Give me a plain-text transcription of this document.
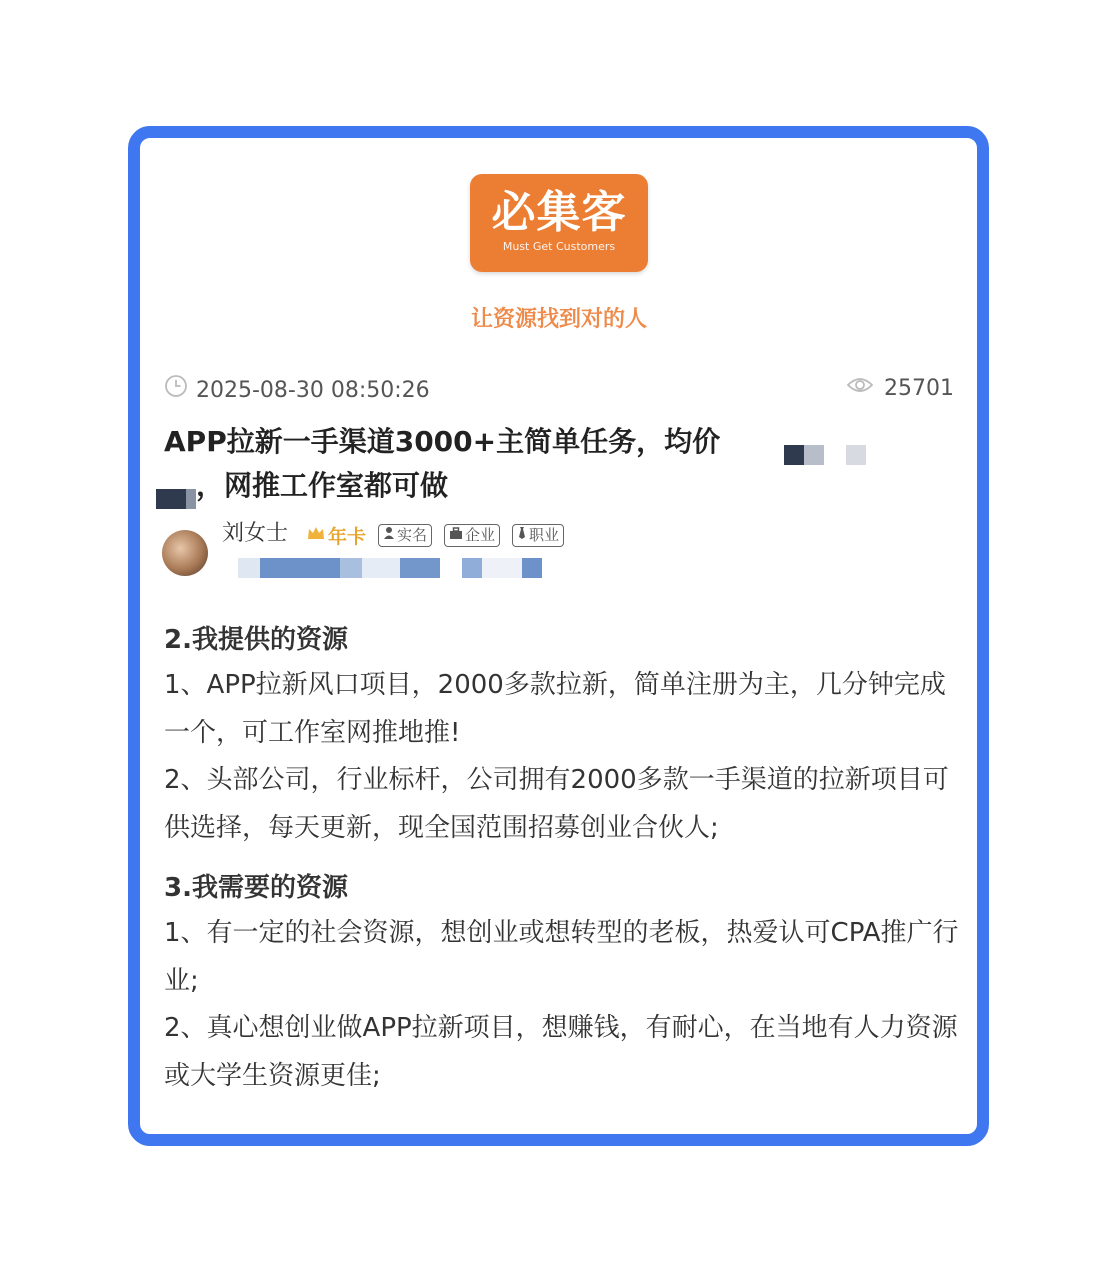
必集客
Must Get Customers
让资源找到对的人
2025-08-30 08:50:26	25701
APP拉新一手渠道3000+主简单任务，均价
，网推工作室都可做
刘女士 年卡 实名	企业 职业

2.我提供的资源

1、APP拉新风口项目，2000多款拉新，简单注册为主，几分钟完成一个，可工作室网推地推!

2、头部公司，行业标杆，公司拥有2000多款一手渠道的拉新项目可供选择，每天更新，现全国范围招募创业合伙人;

3.我需要的资源

1、有一定的社会资源，想创业或想转型的老板，热爱认可CPA推广行业;

2、真心想创业做APP拉新项目，想赚钱，有耐心，在当地有人力资源或大学生资源更佳;
